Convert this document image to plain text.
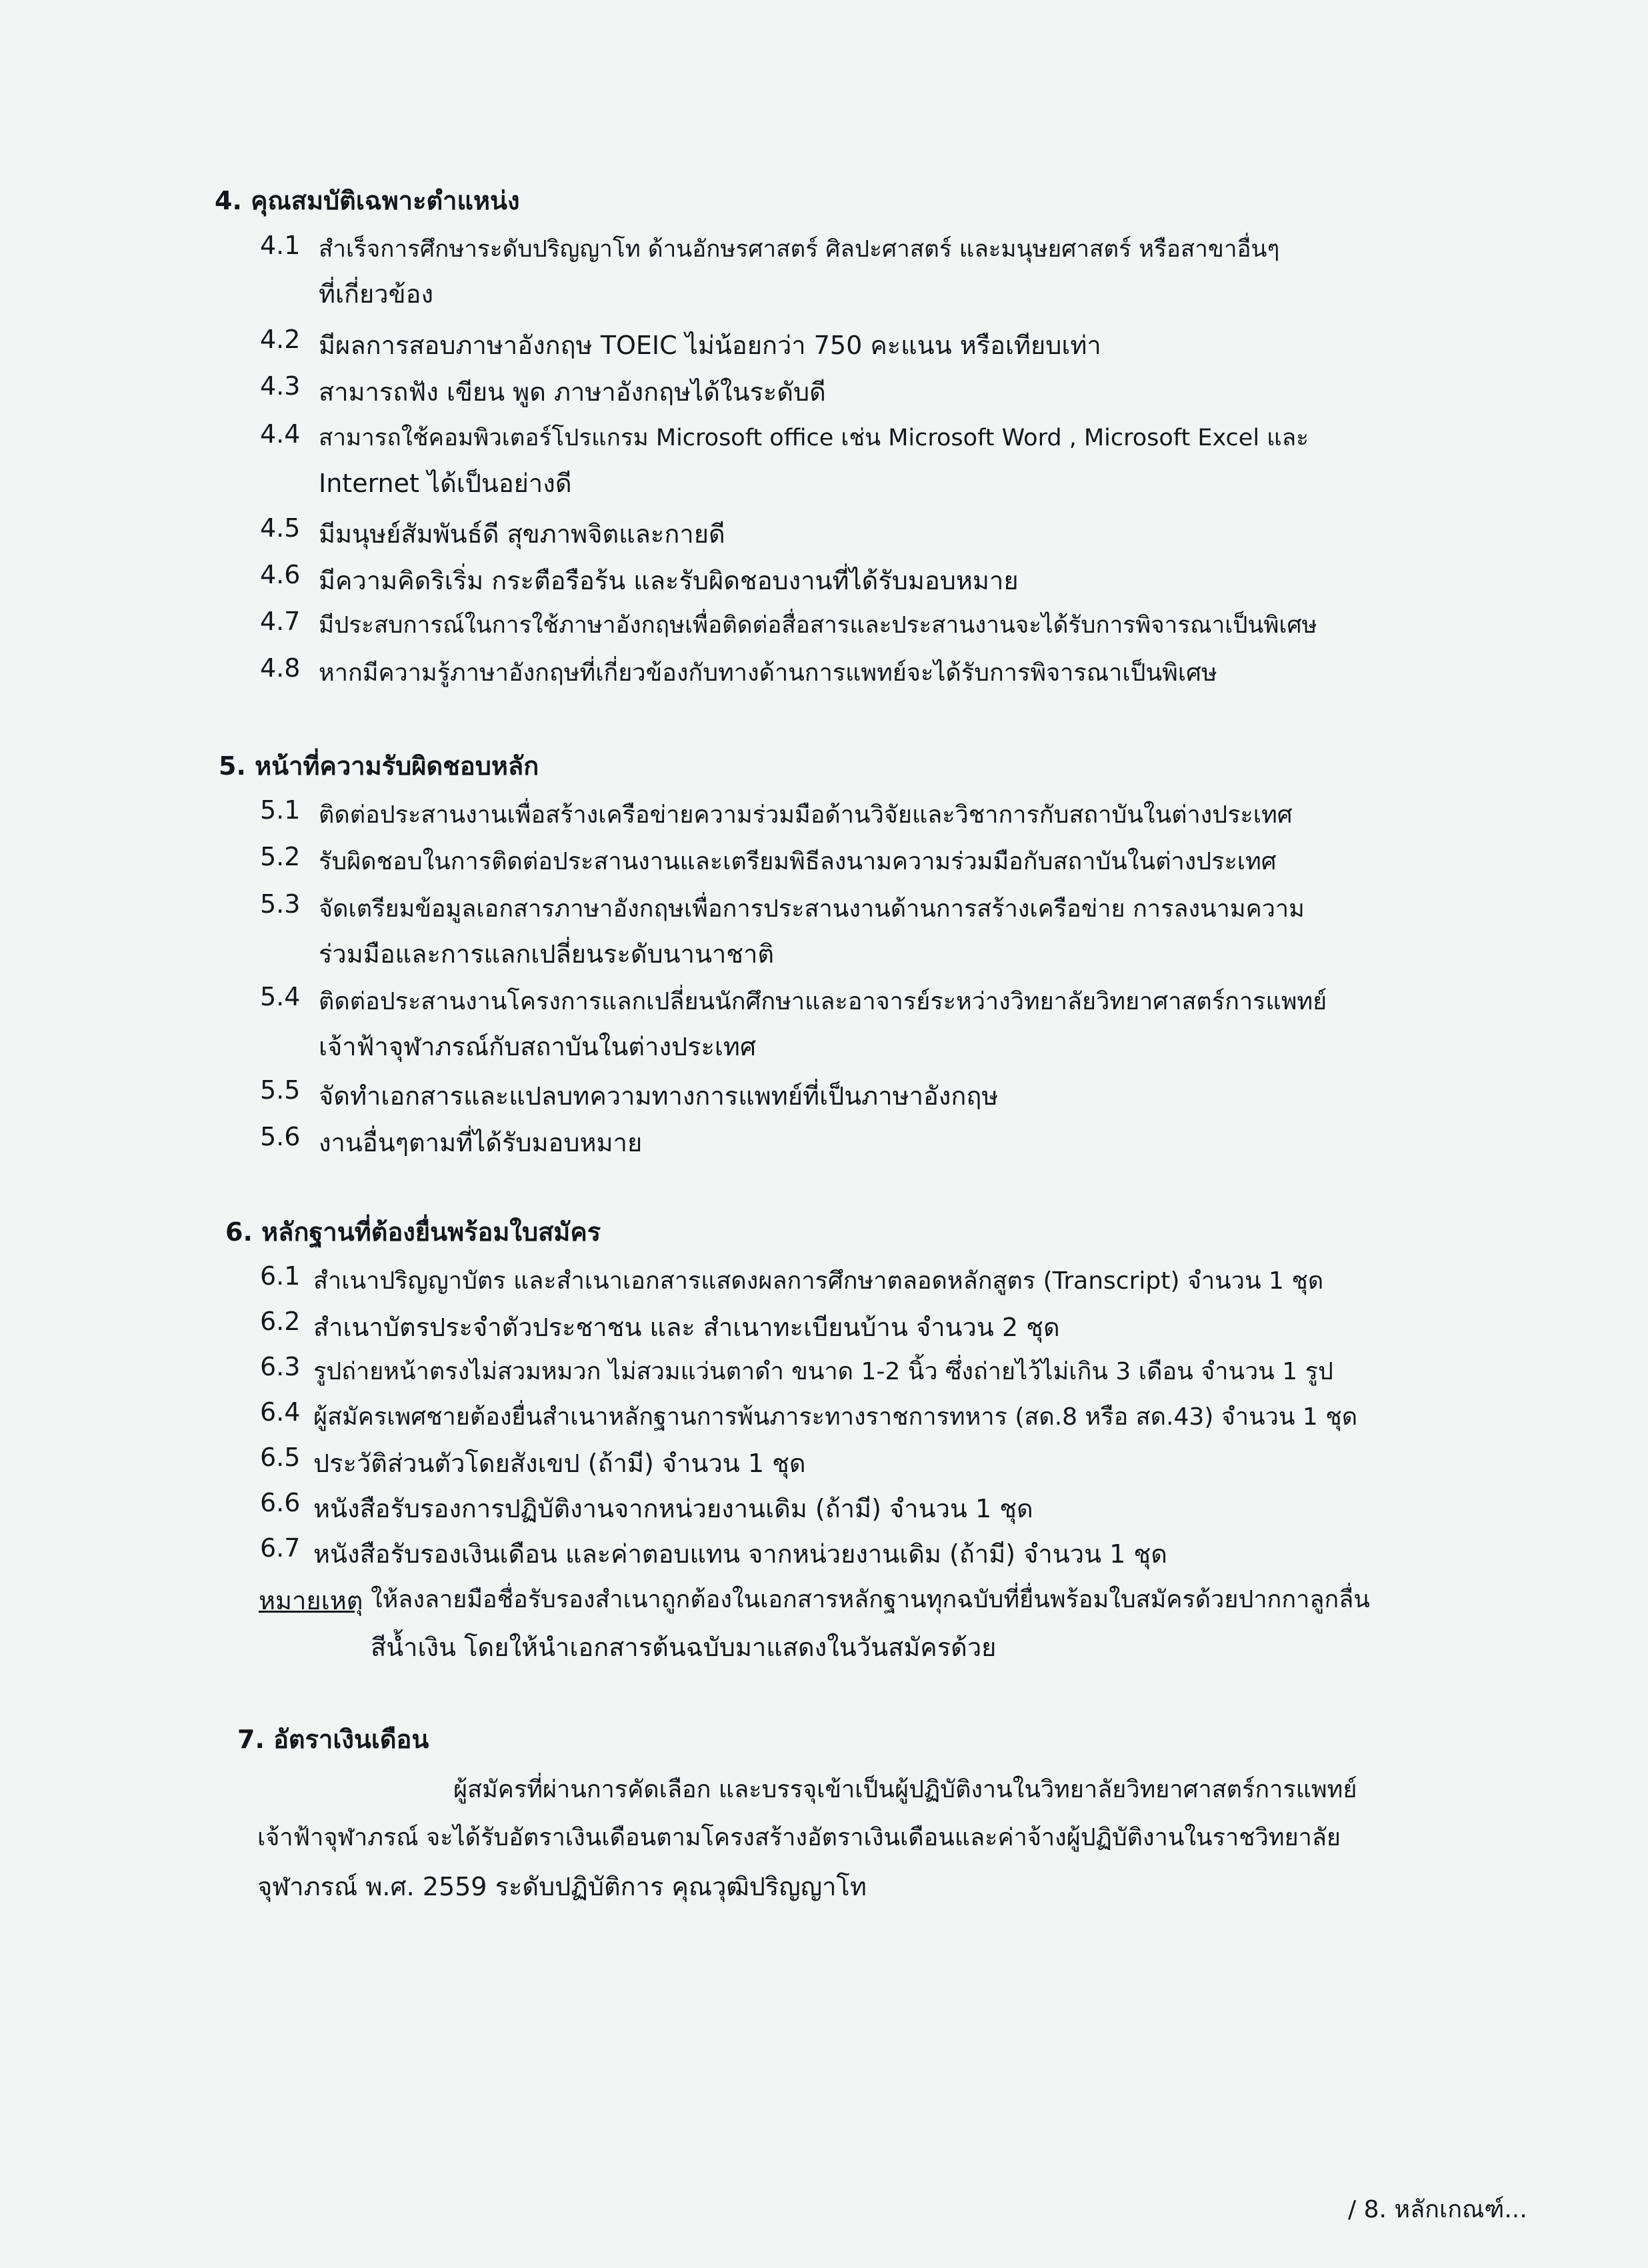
4. คุณสมบัติเฉพาะตำแหน่ง
4.1 สำเร็จการศึกษาระดับปริญญาโท ด้านอักษรศาสตร์ ศิลปะศาสตร์ และมนุษยศาสตร์ หรือสาขาอื่นๆ
ที่เกี่ยวข้อง
4.2 มีผลการสอบภาษาอังกฤษ TOEIC ไม่น้อยกว่า 750 คะแนน หรือเทียบเท่า
4.3 สามารถฟัง เขียน พูด ภาษาอังกฤษได้ในระดับดี
4.4 สามารถใช้คอมพิวเตอร์โปรแกรม Microsoft office เช่น Microsoft Word , Microsoft Excel และ
Internet ได้เป็นอย่างดี
4.5 มีมนุษย์สัมพันธ์ดี สุขภาพจิตและกายดี
4.6 มีความคิดริเริ่ม กระตือรือร้น และรับผิดชอบงานที่ได้รับมอบหมาย
4.7 มีประสบการณ์ในการใช้ภาษาอังกฤษเพื่อติดต่อสื่อสารและประสานงานจะได้รับการพิจารณาเป็นพิเศษ
4.8 หากมีความรู้ภาษาอังกฤษที่เกี่ยวข้องกับทางด้านการแพทย์จะได้รับการพิจารณาเป็นพิเศษ
5. หน้าที่ความรับผิดชอบหลัก
5.1 ติดต่อประสานงานเพื่อสร้างเครือข่ายความร่วมมือด้านวิจัยและวิชาการกับสถาบันในต่างประเทศ
5.2 รับผิดชอบในการติดต่อประสานงานและเตรียมพิธีลงนามความร่วมมือกับสถาบันในต่างประเทศ
5.3 จัดเตรียมข้อมูลเอกสารภาษาอังกฤษเพื่อการประสานงานด้านการสร้างเครือข่าย การลงนามความ
ร่วมมือและการแลกเปลี่ยนระดับนานาชาติ
5.4 ติดต่อประสานงานโครงการแลกเปลี่ยนนักศึกษาและอาจารย์ระหว่างวิทยาลัยวิทยาศาสตร์การแพทย์
เจ้าฟ้าจุฬาภรณ์กับสถาบันในต่างประเทศ
5.5 จัดทำเอกสารและแปลบทความทางการแพทย์ที่เป็นภาษาอังกฤษ
5.6 งานอื่นๆตามที่ได้รับมอบหมาย
6. หลักฐานที่ต้องยื่นพร้อมใบสมัคร
6.1 สำเนาปริญญาบัตร และสำเนาเอกสารแสดงผลการศึกษาตลอดหลักสูตร (Transcript) จำนวน 1 ชุด
6.2 สำเนาบัตรประจำตัวประชาชน และ สำเนาทะเบียนบ้าน จำนวน 2 ชุด
6.3 รูปถ่ายหน้าตรงไม่สวมหมวก ไม่สวมแว่นตาดำ ขนาด 1-2 นิ้ว ซึ่งถ่ายไว้ไม่เกิน 3 เดือน จำนวน 1 รูป
6.4 ผู้สมัครเพศชายต้องยื่นสำเนาหลักฐานการพ้นภาระทางราชการทหาร (สด.8 หรือ สด.43) จำนวน 1 ชุด
6.5 ประวัติส่วนตัวโดยสังเขป (ถ้ามี) จำนวน 1 ชุด
6.6 หนังสือรับรองการปฏิบัติงานจากหน่วยงานเดิม (ถ้ามี) จำนวน 1 ชุด
6.7 หนังสือรับรองเงินเดือน และค่าตอบแทน จากหน่วยงานเดิม (ถ้ามี) จำนวน 1 ชุด
หมายเหตุ ให้ลงลายมือชื่อรับรองสำเนาถูกต้องในเอกสารหลักฐานทุกฉบับที่ยื่นพร้อมใบสมัครด้วยปากกาลูกลื่น
สีน้ำเงิน โดยให้นำเอกสารต้นฉบับมาแสดงในวันสมัครด้วย
7. อัตราเงินเดือน
ผู้สมัครที่ผ่านการคัดเลือก และบรรจุเข้าเป็นผู้ปฏิบัติงานในวิทยาลัยวิทยาศาสตร์การแพทย์
เจ้าฟ้าจุฬาภรณ์ จะได้รับอัตราเงินเดือนตามโครงสร้างอัตราเงินเดือนและค่าจ้างผู้ปฏิบัติงานในราชวิทยาลัย
จุฬาภรณ์ พ.ศ. 2559 ระดับปฏิบัติการ คุณวุฒิปริญญาโท
/ 8. หลักเกณฑ์...
